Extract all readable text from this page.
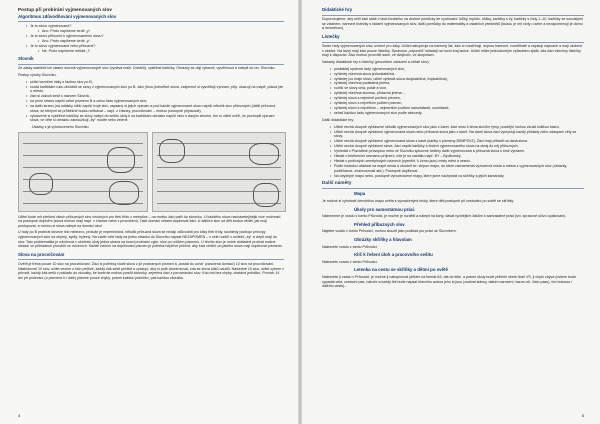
Postup při probírání vyjmenovaných slov
Algoritmus zdůvodňování vyjmenovaných slov
• Je to slovo vyjmenované?
• Ano. Proto napíšeme tvrdé „y“.
• Je to slovo příbuzné k vyjmenovanému slovu?
• Ano. Proto napíšeme tvrdé „y“.
• Je to slovo vyjmenované nebo příbuzné?
• Ne. Proto napíšeme měkké „i“.
Slovník

Ze zásky slabiček lze vlastní slovník vyjmenovaných slov (vydává malé. Dobářů), vystřihat kartičky. Obrázky se daji vybarvit, vystřihnout a nalepit do tzv. Slovníku.

Postup výroby Slovníku:

• učitel vezněné žáky s fazbou slov po B,
• rozdá kartičkám ruku obrázků se slovy z vyjmenovaných slov po B. žáci (hrou jednotlivé slova, vzájemně si vysvětlují význam, příp. ukazují na mapě, pokud jde o město,
• žáci si zakódí sešit s názvem Slovník,
• na první stranu napíší velké písmeno B a celou řadu vyjmenovaných slov,
• na další stranu (na událsky nižší napíší tvoje slov, zapsaný si jejich význam a pod každé vyjmenované slovo napíší několik slov příbuzných (další příbuzná slova, se kterými se průběžně budou setkávat – např. z čítanky, procvičování – mohou postupně připisovat),
• vybarvené si vystřihné kartičky se slovy nalepí do sešitu vždy k na kartičkám obrázku napíší ráno s daným slovem, tím si učitel ověří, že pochopili význam slova, ve věté si obrázku zakroužkují „by“ modře nebo zeleně.

Ukázky z já vyhotoveného Slovníku

Učitel bude mít přehled všech příbuzných slov vhodných pro třetí třídu v metodice – na motivu žáci patří do slovníku. U každého slova nacházetejlnější více možností na postupné doplnění (slova mohou mají např. v čítance nebo v procvičení). Také domácí větami doplnovat žáci. U dalších slov od děti budou vědět, jak moji postupovat, a mohou si slova nalepit na domácí úkol.

U řady po B probírat doveze leží nebezno, protože je nepřehledná, několik příbuzná slova se nedají zdůvodnit pro žáky třetí třídy, souhledy pochopí principy vyjmenovaných slov na obytný, bydlý, bylinný. Na závěr celé řady na jednu stránku do Slovníku napsat NEZAPOMEN – v celé rozšíři v učitelní „by“ a vlepit mají do slov. Tato problematika je návrhová v učebnici vždy jedna strana na konci probírání vyjm. slov po určitém písmenu. U těchto slov je nutné dokladně probrat možné oblasti; ve příkladech procvičit ve cvičeních. Každé cvičení na doplňování písmen je potřeba nejdříve přečíst, aby žáci věděli, do jakého slova mají doplňovat písmeno.

Slova na procvičování

Ověřit je třeba pouze 10 slov na procvičování. Žáci si potřebuj vložit slova z již probraných písmen a „dostat do ucha“ (zaručená domácí) 10 slov na procvičování. Následovně 10 slov, učitel vezme z nich pečlivě, každý žák sešit pečlivě a vyskupí, aby si poté zkontroloval, zda se slova žáků naučili. Následně 10 slov, učitel vybere v přírodě, každý žák sešit v pokladu do zkoušky, ke kontrole mohou posílit slovníky, zejména žáci z porovnávání slov. Kdo má bez chyby, dostává jedničku. Prvních 14 dní při probírání (u písmene b i dále) plánme pouze chyby, potom každou jedničku, pak každou zkoušku.

4
Didaktické hry

Doporučujeme, aby měli žáci stále v lavici krabičku na drobné pomůcky ke vyučování: kůlky, lepidlo, nůžky, kartičky s i/y, kartičky s čísly 1–10, kartičky se souvislými se vztahem, barevné lístečky s řadami vyjmenovaných slov, další pomůcky do matematiky a ostatních předmětů (budou je mít vždy u sebe a nezapomenují je domu a neuměnou).

Lístečky

Sedm řady vyjmenovaných slov, určené pro žáky. Učitel nakopíruje na barevný list, žáci si rozstříhají, seprou barevné, rozstřihaté a zapisují napsané a mají uložené v obálce. Na lavici mají žáci pouze lístečky. Správnou „odpověď“ skládají na horní kraj lavice. Učitel může jednoduchým způsobem zjistit, zda žáci všechny lístečky mají k dispozici. Žáci mohou procvičit sami, ve dvojicích, ve skupinách.

Varianty didaktické hry s lístečky (procvičení zařazeni a ohřátí slov):

• poskládej správné řady vyjmenovaných slov,
• vyhledej všechna slova jednoslabičná,
• vyhledej (co hraje slovo, učitel vyhledá slova dvojslabičná, trojslabičná),
• vyhledej všechna podstatná jména,
• rozliší ve slovy celá, pošlé a více,
• vyhledej všechna slovesa, přídavná jména...,
• vyhledej slova s nejméně počtem písmen,
• vyhledej slovo s největším počtem písmen,
• vyhledej slovo s největším – nejmenším počtem samohlásek, souhlásek,
• seřaď každou řadu vyjmenovaných slov podle abecedy.

Další didaktické hry:

• Učitel nechá doupně vyhlásené několik vyjmenovaných slov jako z karet. žáci musí k téma slovům rýmy, pozdější mohou zkusit krátkou básní.
• Učitel nechá doupně vyhlásení vyjmenovaná slova nebo příbuzná slova jako z karet. Na dané slova žáci vymyslují každý příklady nebo zdaspaní věty se slovy.
• Učitel nechá doupně vyhlásení vyjmenovaná slova z karet (kartky s písmeny BSMPSVZ). Žáci hrají přiřadit na daná slova.
• Učitel nechá doupně vyhlásení slova, žáci napíší kartičky s číslem vyjmenovaného slova na okraj do něj příbuzných.
• Vyhledat v Pravidlech pravopisu nebo ve Slovníku spisovné češtiny další vyjmenovaná a příbuzná slova s tímž výrazem.
• Hledat v telefonním seznamu příjmení, kde je na začátku např. BY – Bydžovský.
• Hledat v podivných zeměpisných názvech (vyznělé, k čemu jsou) místy měst a vesnic.
• Podle instrukcí obkázat na mapě místa a uhodnit tvr. slepou mapu, do které zaznamenat významná místa a města z vyjmenovaných slov (obrázky, podléhavce, značnosnosti atd.). Postupně doplňovat.
• Na obyčejné mapu nebo, postupně vyhodnocené mapy, které jsme nachystali na skříňky a jejich kamarády.
Další náměty
Mapa

Je možné si vyhotovit černobílou mapu světa s vyznačenými místy, které děti postupně při cestování po světě se skříňky.

Úkoly pro samostatnou práci

Nalezneme je vzadu v tomto Průvodci, je možné je rozdělit a nalepit na karty, dávat rychlejším žákům k samostatné práci (tzv. zpracové učivo opakování).

Přehled příbuzných slov

Najdete vzadu v tomto Průvodci, mohou sloužit jako podklad pro práci se Slovníkem.

Obrázky skříňky a hlavolam

Naleznete vzadu v tomto Průvodci.

Klíč k řešení úloh a pracovního sešitu

Naleznete vzadu v tomto Průvodci.

Letenka na cestu se skříňky a dětmi po světě

Naleznete ji vzadu v Průvodci. je možné ji nakopírovat (dělám na formát A5, dát do fólie, a potom úkoly bude přilehlé všech tkalí VS, ji chybí zbývá (ovšem bude vypadat celá, cestovní pas, nahoře a každý lék bude napsat hlavního autora jeho si jsou (znalost slávny, datum narození, barva oči, číslo pasu), tím hotovou i dalšího cestu)...

5
